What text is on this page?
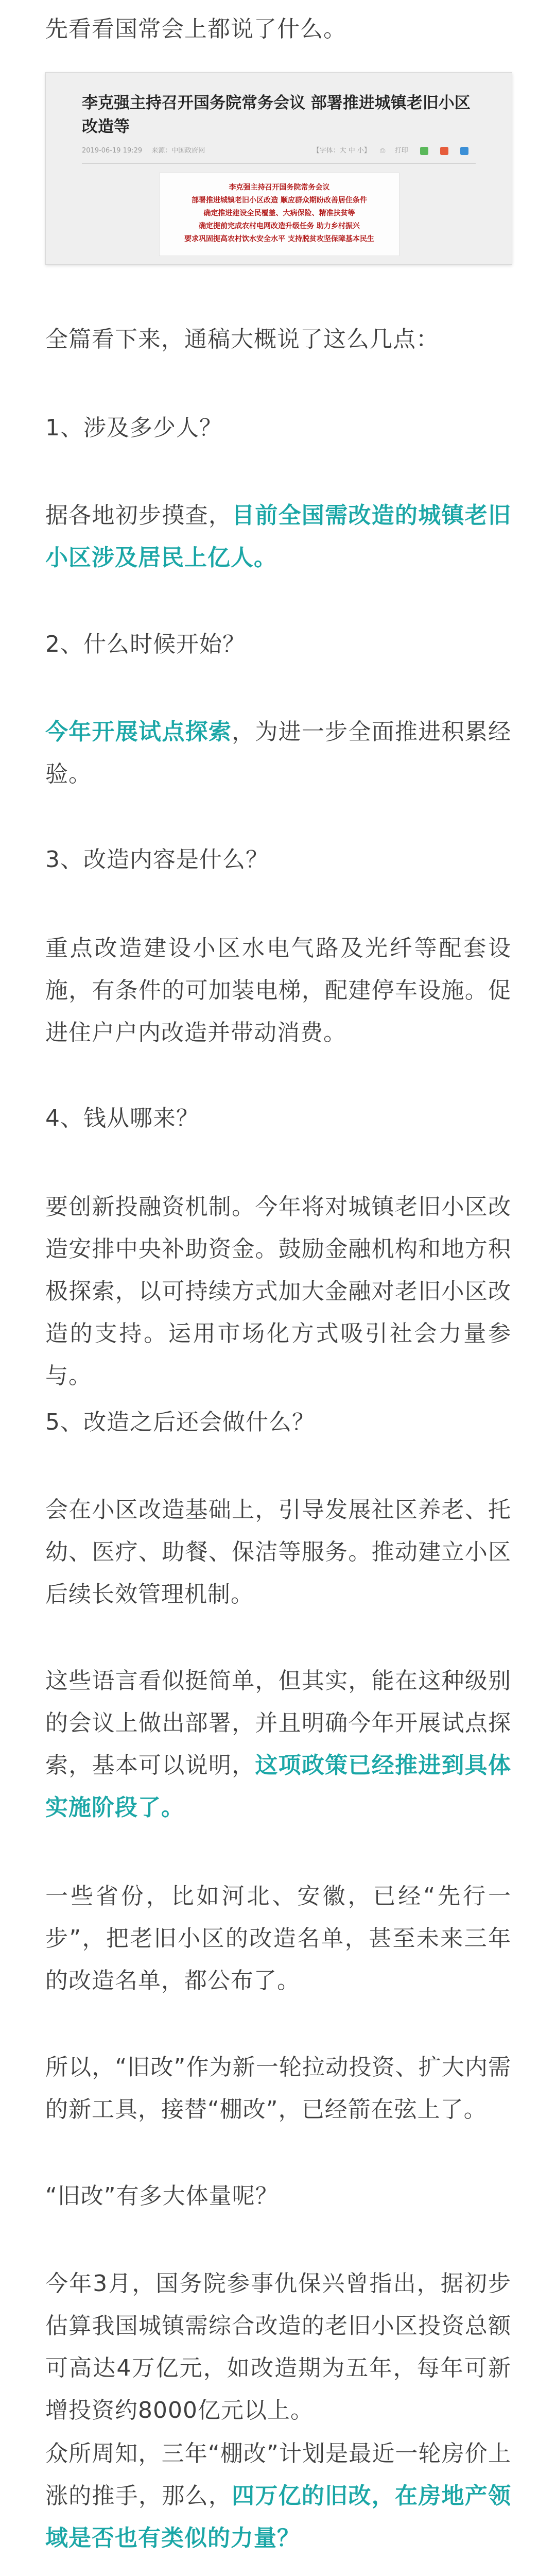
先看看国常会上都说了什么。

李克强主持召开国务院常务会议 部署推进城镇老旧小区改造等
2019-06-19 19:29 来源：中国政府网	【字体：大 中 小】 ⎙ 打印
李克强主持召开国务院常务会议
部署推进城镇老旧小区改造 顺应群众期盼改善居住条件
确定推进建设全民覆盖、大病保险、精准扶贫等
确定提前完成农村电网改造升级任务 助力乡村振兴
要求巩固提高农村饮水安全水平 支持脱贫攻坚保障基本民生

全篇看下来，通稿大概说了这么几点：

1、涉及多少人？

据各地初步摸查，目前全国需改造的城镇老旧小区涉及居民上亿人。

2、什么时候开始？

今年开展试点探索，为进一步全面推进积累经验。

3、改造内容是什么？

重点改造建设小区水电气路及光纤等配套设施，有条件的可加装电梯，配建停车设施。促进住户户内改造并带动消费。

4、钱从哪来？

要创新投融资机制。今年将对城镇老旧小区改造安排中央补助资金。鼓励金融机构和地方积极探索，以可持续方式加大金融对老旧小区改造的支持。运用市场化方式吸引社会力量参与。

5、改造之后还会做什么？

会在小区改造基础上，引导发展社区养老、托幼、医疗、助餐、保洁等服务。推动建立小区后续长效管理机制。

这些语言看似挺简单，但其实，能在这种级别的会议上做出部署，并且明确今年开展试点探索，基本可以说明，这项政策已经推进到具体实施阶段了。

一些省份，比如河北、安徽，已经“先行一步”，把老旧小区的改造名单，甚至未来三年的改造名单，都公布了。

所以，“旧改”作为新一轮拉动投资、扩大内需的新工具，接替“棚改”，已经箭在弦上了。

“旧改”有多大体量呢？

今年3月，国务院参事仇保兴曾指出，据初步估算我国城镇需综合改造的老旧小区投资总额可高达4万亿元，如改造期为五年，每年可新增投资约8000亿元以上。

众所周知，三年“棚改”计划是最近一轮房价上涨的推手，那么，四万亿的旧改，在房地产领域是否也有类似的力量？
